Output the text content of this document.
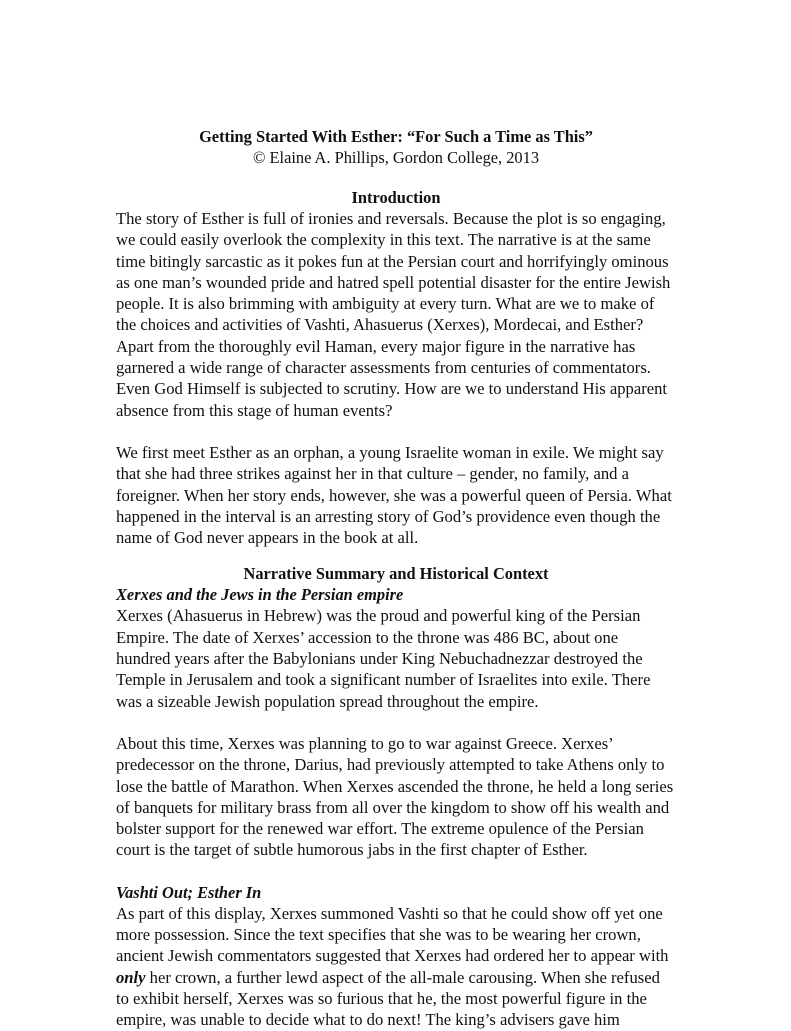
Getting Started With Esther: “For Such a Time as This”
© Elaine A. Phillips, Gordon College, 2013
Introduction

The story of Esther is full of ironies and reversals. Because the plot is so engaging, we could easily overlook the complexity in this text. The narrative is at the same time bitingly sarcastic as it pokes fun at the Persian court and horrifyingly ominous as one man’s wounded pride and hatred spell potential disaster for the entire Jewish people. It is also brimming with ambiguity at every turn. What are we to make of the choices and activities of Vashti, Ahasuerus (Xerxes), Mordecai, and Esther? Apart from the thoroughly evil Haman, every major figure in the narrative has garnered a wide range of character assessments from centuries of commentators. Even God Himself is subjected to scrutiny. How are we to understand His apparent absence from this stage of human events?

We first meet Esther as an orphan, a young Israelite woman in exile. We might say that she had three strikes against her in that culture – gender, no family, and a foreigner. When her story ends, however, she was a powerful queen of Persia. What happened in the interval is an arresting story of God’s providence even though the name of God never appears in the book at all.

Narrative Summary and Historical Context
Xerxes and the Jews in the Persian empire

Xerxes (Ahasuerus in Hebrew) was the proud and powerful king of the Persian Empire. The date of Xerxes’ accession to the throne was 486 BC, about one hundred years after the Babylonians under King Nebuchadnezzar destroyed the Temple in Jerusalem and took a significant number of Israelites into exile. There was a sizeable Jewish population spread throughout the empire.

About this time, Xerxes was planning to go to war against Greece. Xerxes’ predecessor on the throne, Darius, had previously attempted to take Athens only to lose the battle of Marathon. When Xerxes ascended the throne, he held a long series of banquets for military brass from all over the kingdom to show off his wealth and bolster support for the renewed war effort. The extreme opulence of the Persian court is the target of subtle humorous jabs in the first chapter of Esther.

Vashti Out; Esther In

As part of this display, Xerxes summoned Vashti so that he could show off yet one more possession. Since the text specifies that she was to be wearing her crown, ancient Jewish commentators suggested that Xerxes had ordered her to appear with only her crown, a further lewd aspect of the all-male carousing. When she refused to exhibit herself, Xerxes was so furious that he, the most powerful figure in the empire, was unable to decide what to do next! The king’s advisers gave him
